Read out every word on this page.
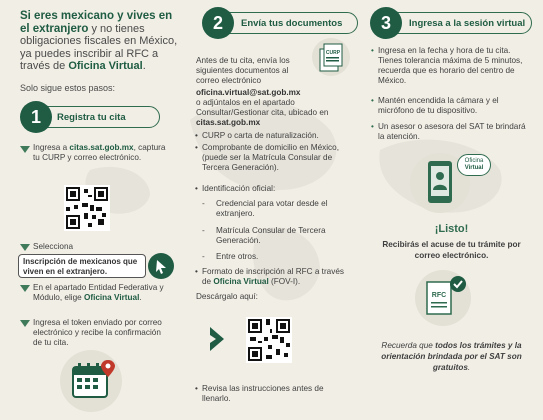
Si eres mexicano y vives en el extranjero y no tienes obligaciones fiscales en México, ya puedes inscribir al RFC a través de Oficina Virtual.
Solo sigue estos pasos:
Registra tu cita
1
Ingresa a citas.sat.gob.mx, captura tu CURP y correo electrónico.
Selecciona
Inscripción de mexicanos que viven en el extranjero.
En el apartado Entidad Federativa y Módulo, elige Oficina Virtual.
Ingresa el token enviado por correo electrónico y recibe la confirmación de tu cita.
Envía tus documentos
2
CURP
Antes de tu cita, envía los siguientes documentos al correo electrónico
oficina.virtual@sat.gob.mx
o adjúntalos en el apartado Consultar/Gestionar cita, ubicado en
citas.sat.gob.mx
• CURP o carta de naturalización.
• Comprobante de domicilio en México, (puede ser la Matrícula Consular de Tercera Generación).
• Identificación oficial:
- Credencial para votar desde el extranjero.
- Matrícula Consular de Tercera Generación.
- Entre otros.
• Formato de inscripción al RFC a través de Oficina Virtual (FOV-I).
Descárgalo aquí:
• Revisa las instrucciones antes de llenarlo.
Ingresa a la sesión virtual
3
• Ingresa en la fecha y hora de tu cita. Tienes tolerancia máxima de 5 minutos, recuerda que es horario del centro de México.
• Mantén encendida la cámara y el micrófono de tu dispositivo.
• Un asesor o asesora del SAT te brindará la atención.
Oficina
Virtual
¡Listo!
Recibirás el acuse de tu trámite por correo electrónico.
RFC
Recuerda que todos los trámites y la orientación brindada por el SAT son gratuitos.
